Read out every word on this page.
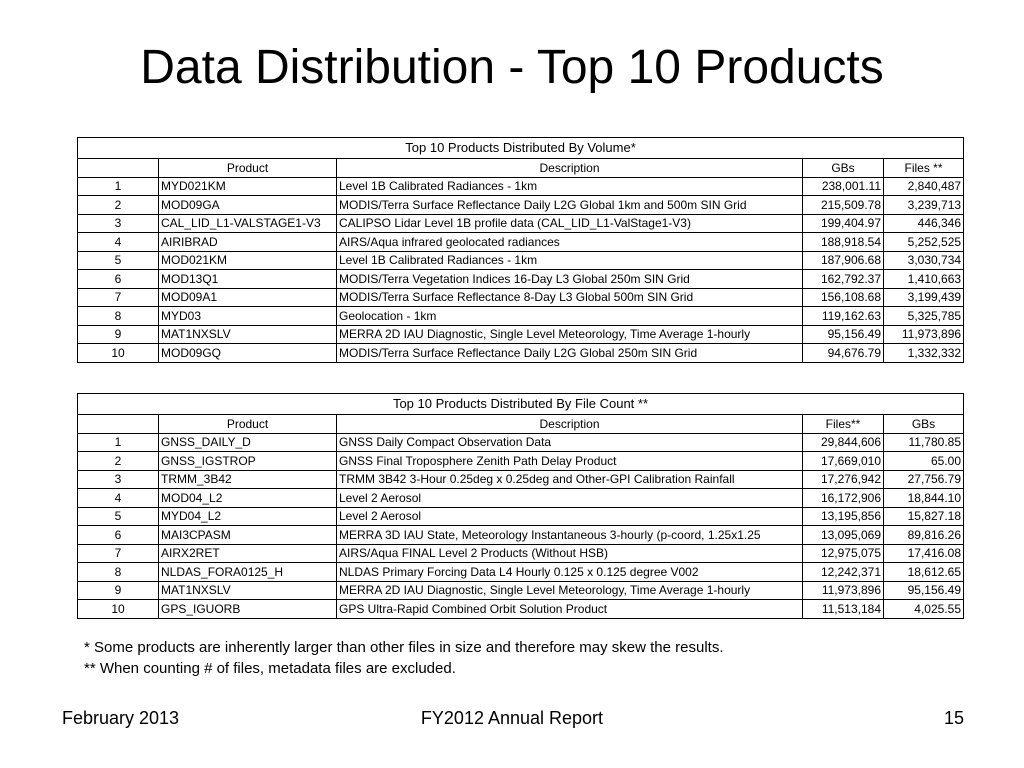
Data Distribution - Top 10 Products
Top 10 Products Distributed By Volume*				
	Product	Description	GBs	Files **
1	MYD021KM	Level 1B Calibrated Radiances - 1km	238,001.11	2,840,487
2	MOD09GA	MODIS/Terra Surface Reflectance Daily L2G Global 1km and 500m SIN Grid	215,509.78	3,239,713
3	CAL_LID_L1-VALSTAGE1-V3	CALIPSO Lidar Level 1B profile data (CAL_LID_L1-ValStage1-V3)	199,404.97	446,346
4	AIRIBRAD	AIRS/Aqua infrared geolocated radiances	188,918.54	5,252,525
5	MOD021KM	Level 1B Calibrated Radiances - 1km	187,906.68	3,030,734
6	MOD13Q1	MODIS/Terra Vegetation Indices 16-Day L3 Global 250m SIN Grid	162,792.37	1,410,663
7	MOD09A1	MODIS/Terra Surface Reflectance 8-Day L3 Global 500m SIN Grid	156,108.68	3,199,439
8	MYD03	Geolocation - 1km	119,162.63	5,325,785
9	MAT1NXSLV	MERRA 2D IAU Diagnostic, Single Level Meteorology, Time Average 1-hourly	95,156.49	11,973,896
10	MOD09GQ	MODIS/Terra Surface Reflectance Daily L2G Global 250m SIN Grid	94,676.79	1,332,332
Top 10 Products Distributed By File Count **				
	Product	Description	Files**	GBs
1	GNSS_DAILY_D	GNSS Daily Compact Observation Data	29,844,606	11,780.85
2	GNSS_IGSTROP	GNSS Final Troposphere Zenith Path Delay Product	17,669,010	65.00
3	TRMM_3B42	TRMM 3B42 3-Hour 0.25deg x 0.25deg and Other-GPI Calibration Rainfall	17,276,942	27,756.79
4	MOD04_L2	Level 2 Aerosol	16,172,906	18,844.10
5	MYD04_L2	Level 2 Aerosol	13,195,856	15,827.18
6	MAI3CPASM	MERRA 3D IAU State, Meteorology Instantaneous 3-hourly (p-coord, 1.25x1.25	13,095,069	89,816.26
7	AIRX2RET	AIRS/Aqua FINAL Level 2 Products (Without HSB)	12,975,075	17,416.08
8	NLDAS_FORA0125_H	NLDAS Primary Forcing Data L4 Hourly 0.125 x 0.125 degree V002	12,242,371	18,612.65
9	MAT1NXSLV	MERRA 2D IAU Diagnostic, Single Level Meteorology, Time Average 1-hourly	11,973,896	95,156.49
10	GPS_IGUORB	GPS Ultra-Rapid Combined Orbit Solution Product	11,513,184	4,025.55
* Some products are inherently larger than other files in size and therefore may skew the results.
** When counting # of files, metadata files are excluded.
February 2013	FY2012 Annual Report	15
